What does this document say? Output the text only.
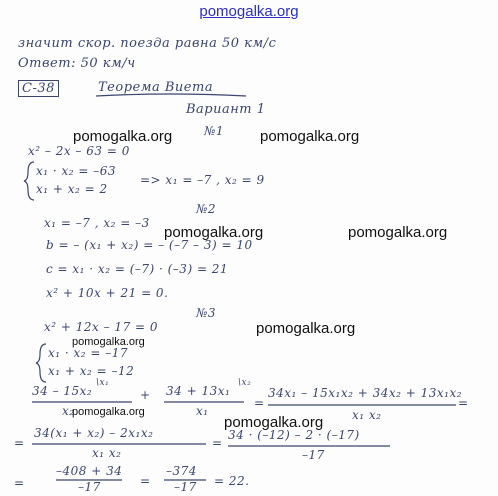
pomogalka.org
значит скор. поезда равна 50 км/с
Ответ: 50 км/ч
С-38	Теорема Виета
Вариант 1
№1
pomogalka.org	pomogalka.org
x² – 2x – 63 = 0
x₁ · x₂ = –63
x₁ + x₂ = 2
=> x₁ = –7 , x₂ = 9
№2
x₁ = –7 , x₂ = –3
pomogalka.org	pomogalka.org
b = – (x₁ + x₂) = – (–7 – 3) = 10
c = x₁ · x₂ = (–7) · (–3) = 21
x² + 10x + 21 = 0.
№3
x² + 12x – 17 = 0	pomogalka.org
pomogalka.org
x₁ · x₂ = –17
x₁ + x₂ = –12
34 – 15x₂
\x₁
x₂
pomogalka.org
+ 34 + 13x₁
\x₂
x₁
=
34x₁ – 15x₁x₂ + 34x₂ + 13x₁x₂
x₁ x₂
=
pomogalka.org
=
34(x₁ + x₂) – 2x₁x₂
x₁ x₂
=
34 · (–12) – 2 · (–17)
–17
=
–408 + 34
–17	=
–374
–17 = 22.
